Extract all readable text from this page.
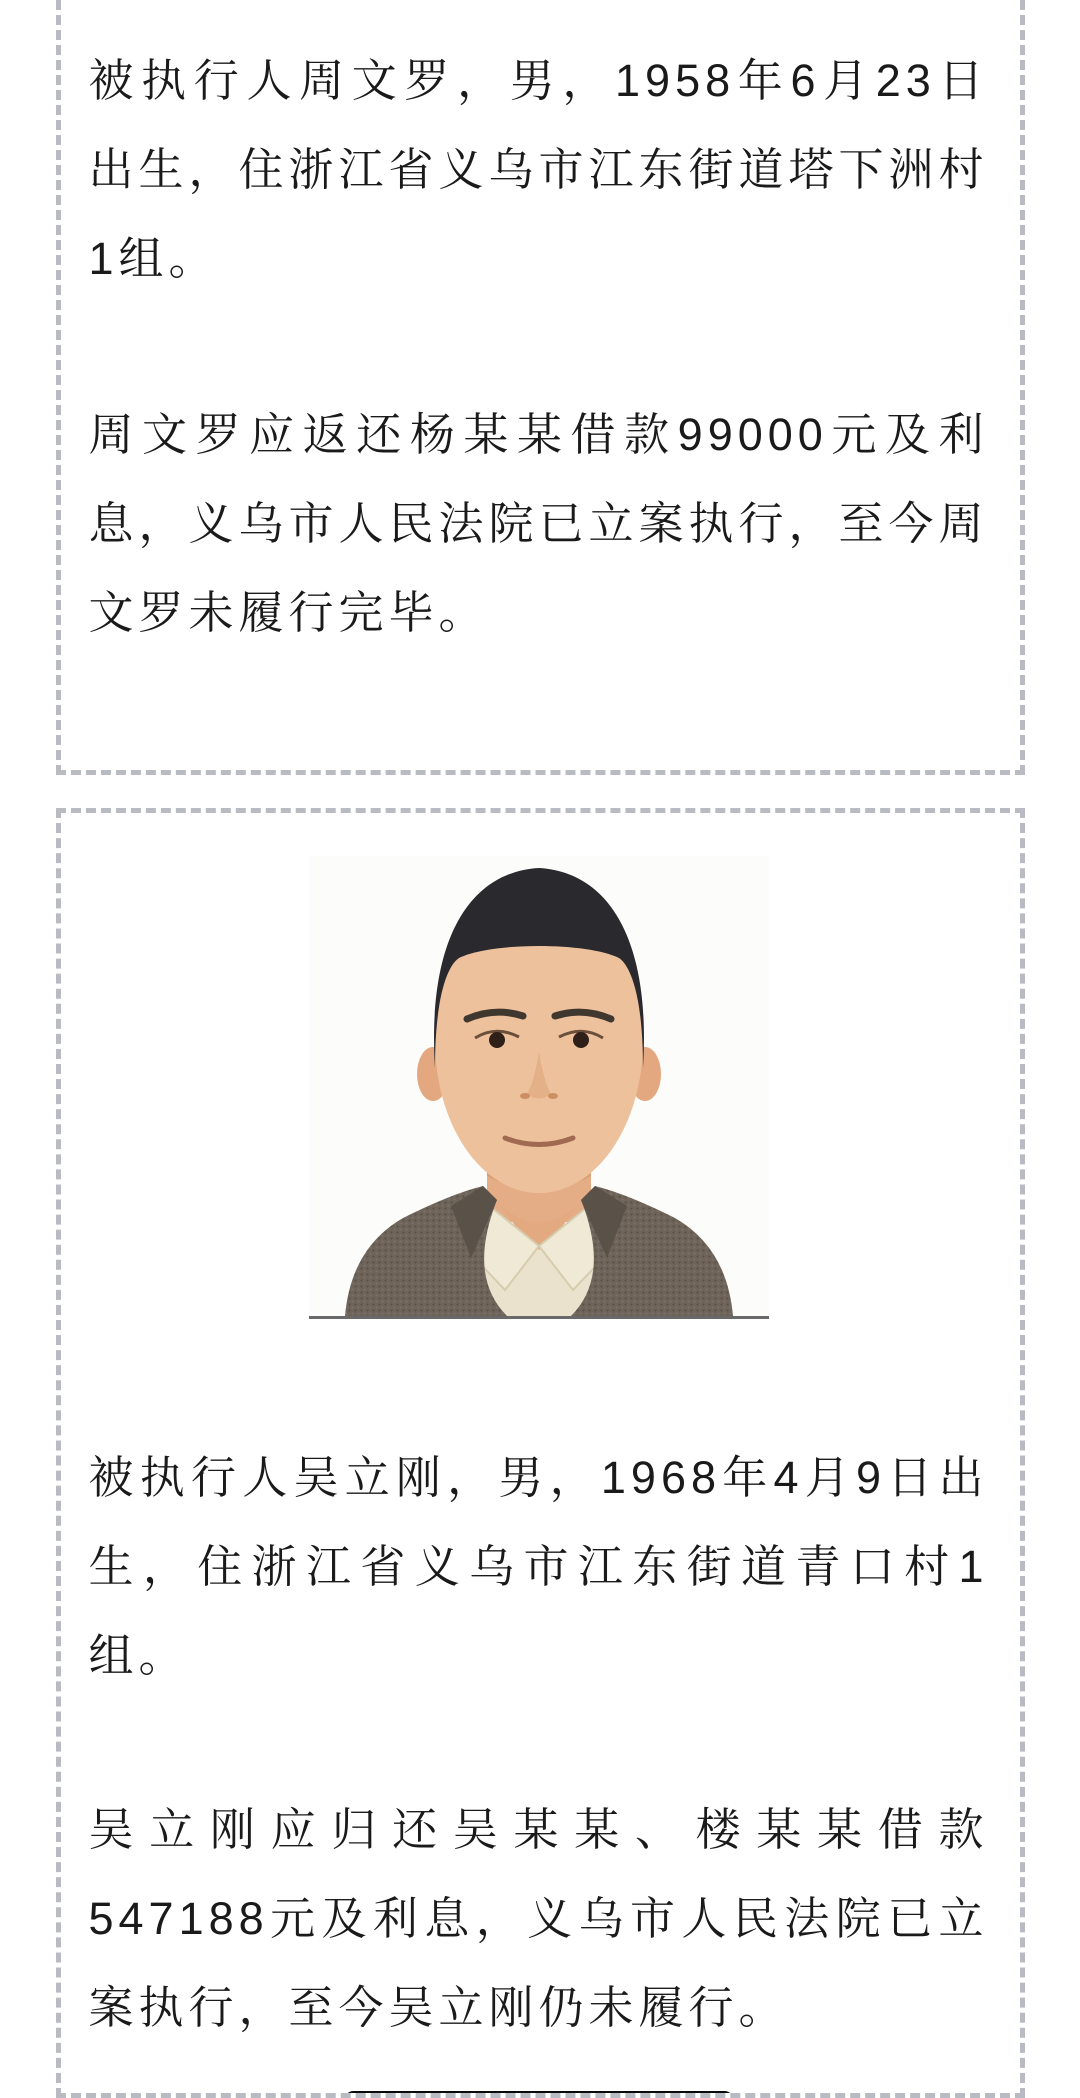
被执行人周文罗，男，1958年6月23日出生，住浙江省义乌市江东街道塔下洲村1组。

周文罗应返还杨某某借款99000元及利息，义乌市人民法院已立案执行，至今周文罗未履行完毕。

被执行人吴立刚，男，1968年4月9日出生，住浙江省义乌市江东街道青口村1组。

吴立刚应归还吴某某、楼某某借款547188元及利息，义乌市人民法院已立案执行，至今吴立刚仍未履行。
